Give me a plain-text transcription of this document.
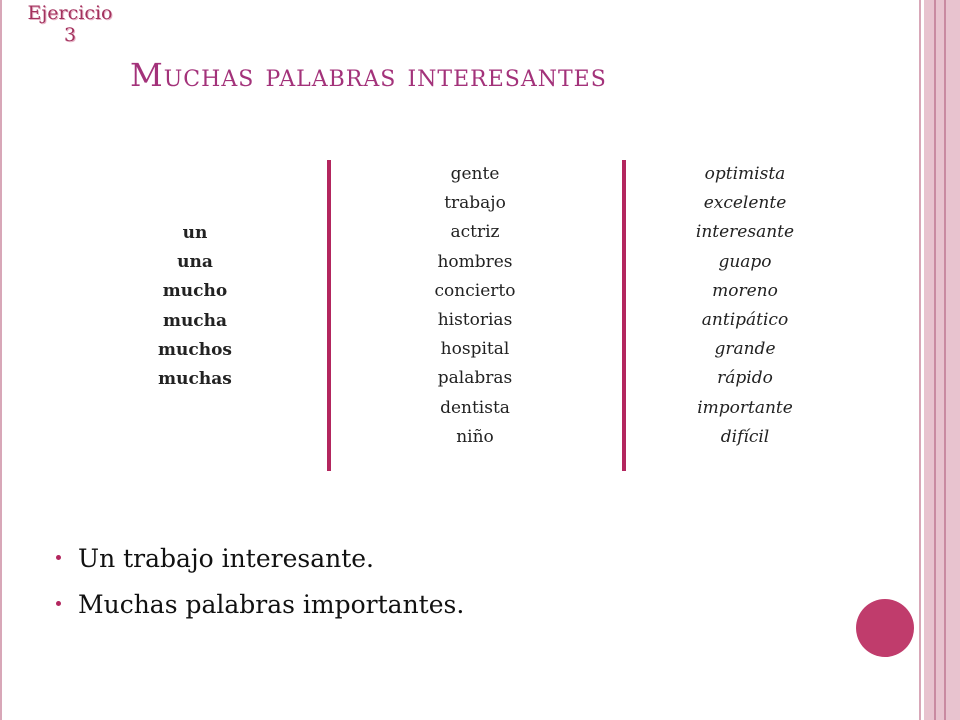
Ejercicio
3
Muchas palabras interesantes
un
una
mucho
mucha
muchos
muchas
gente
trabajo
actriz
hombres
concierto
historias
hospital
palabras
dentista
niño
optimista
excelente
interesante
guapo
moreno
antipático
grande
rápido
importante
difícil
Un trabajo interesante.
Muchas palabras importantes.
